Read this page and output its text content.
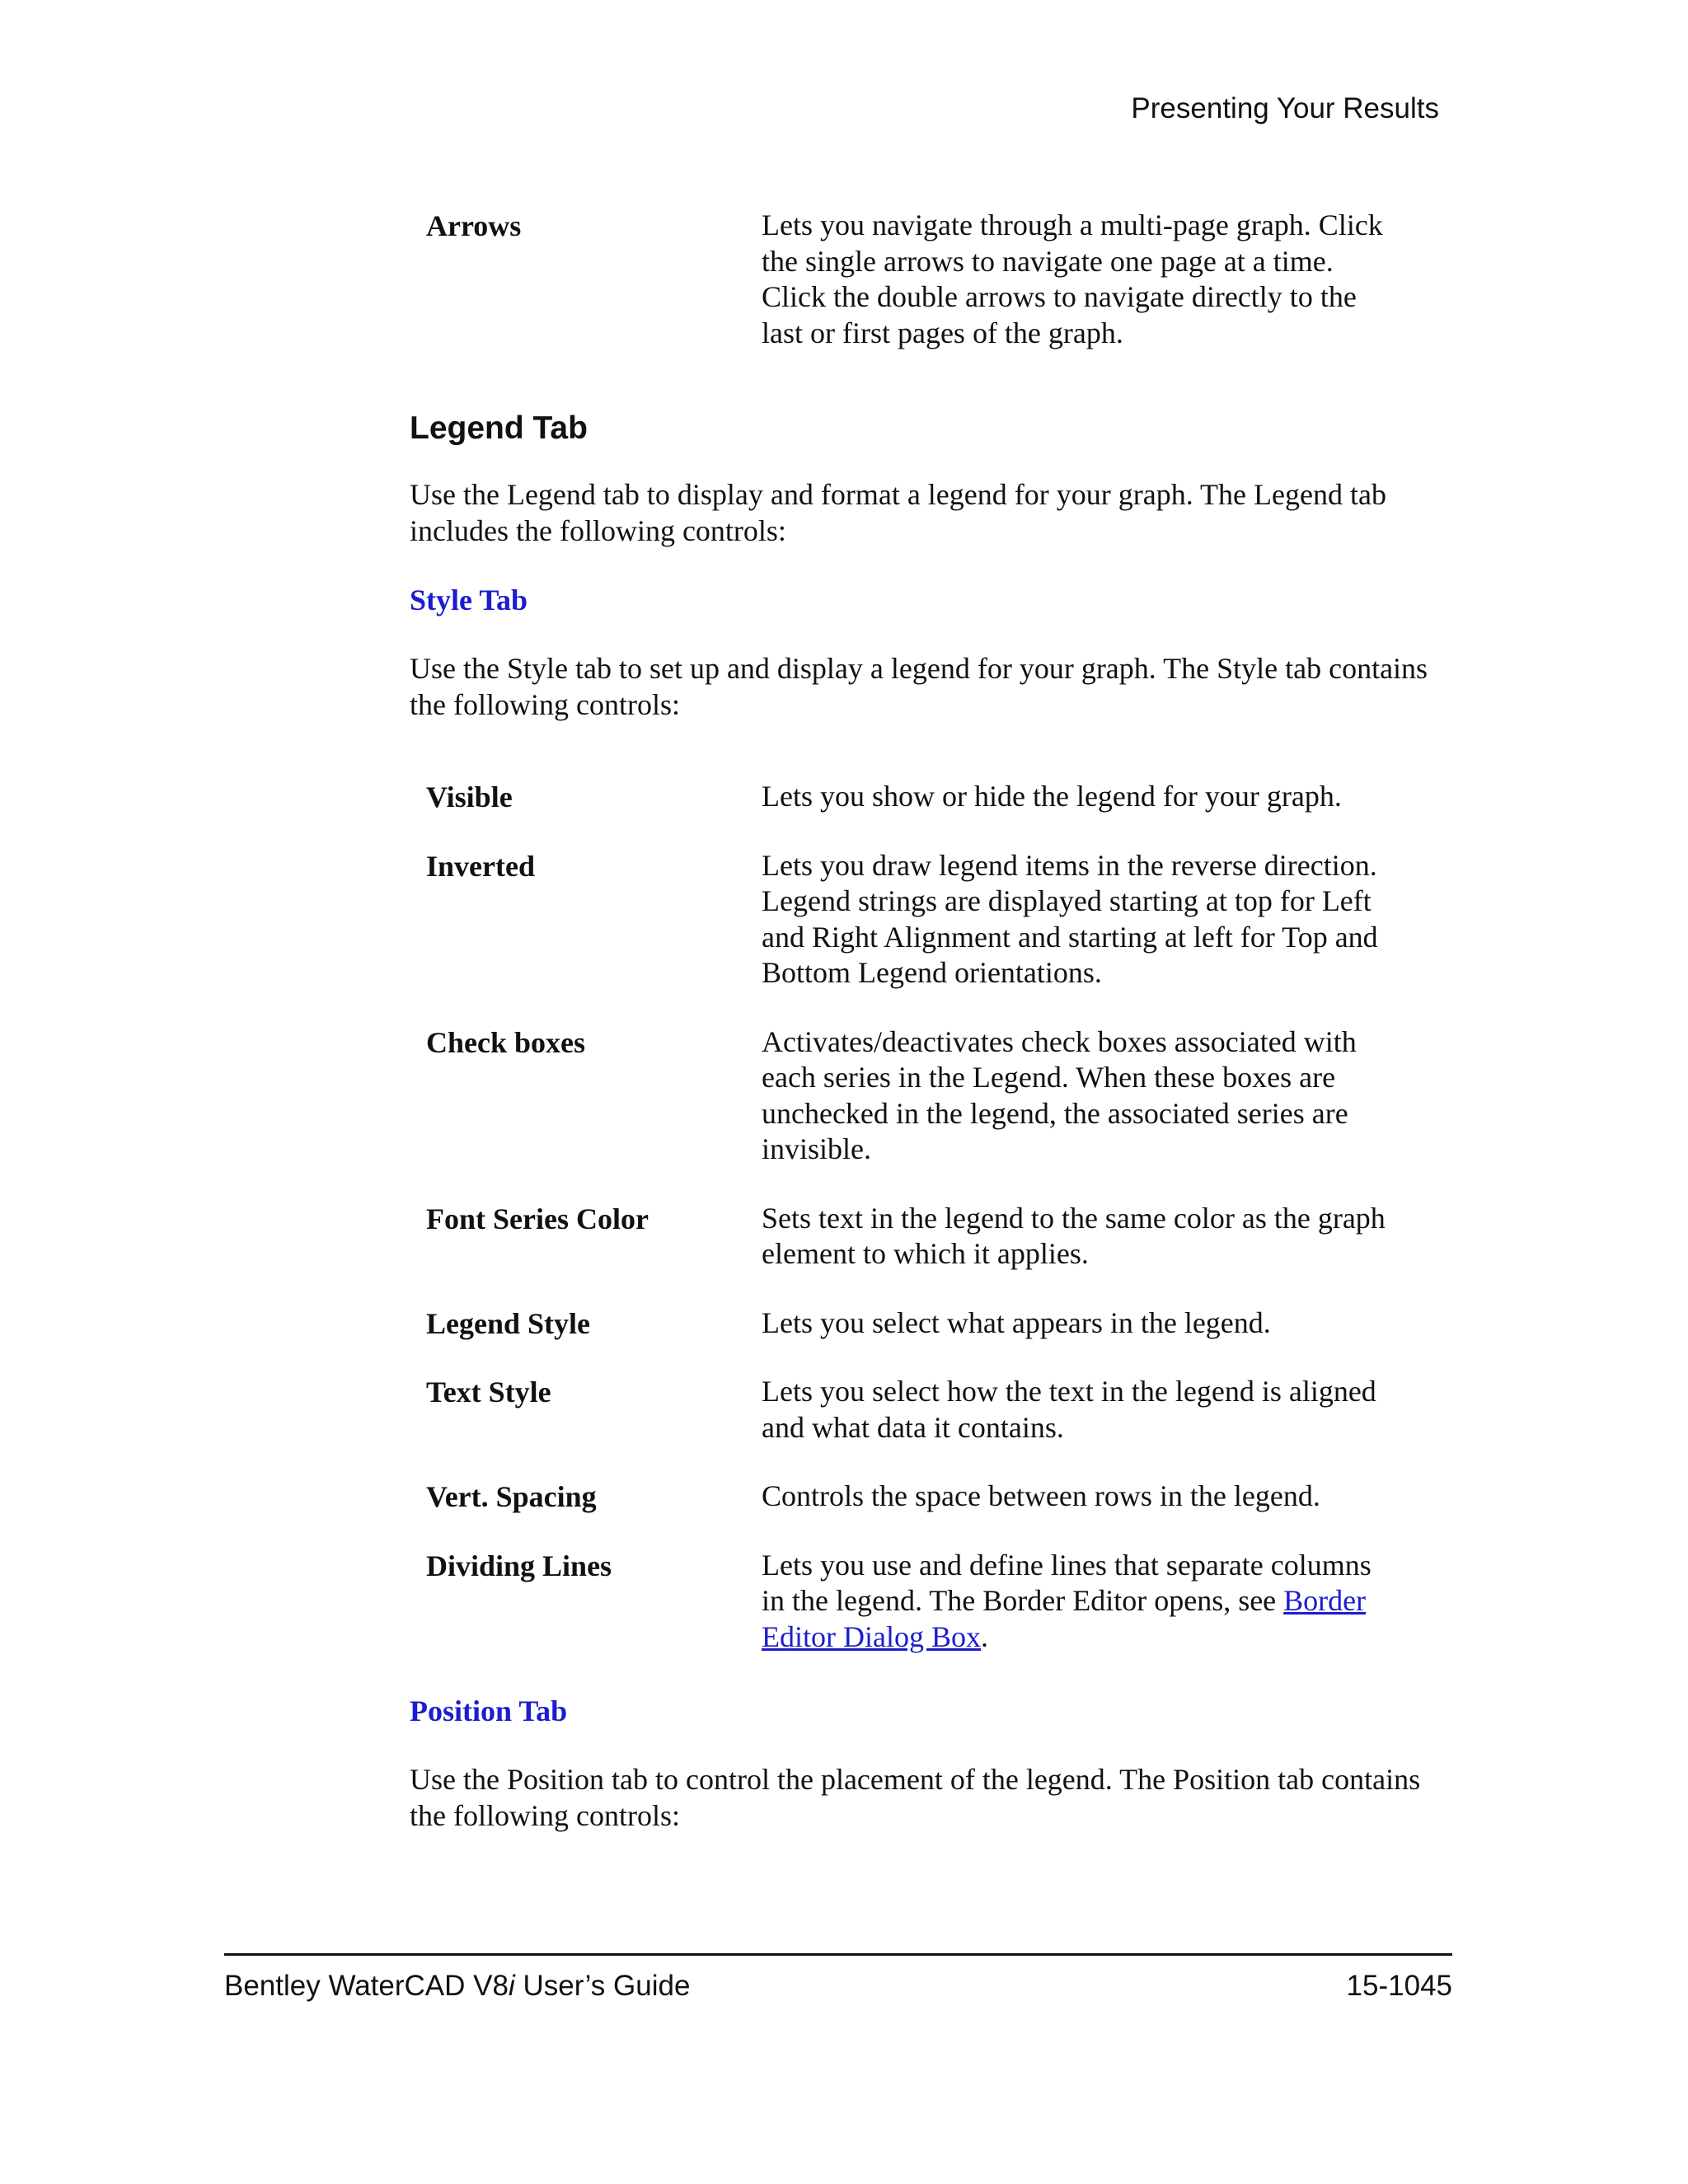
Presenting Your Results
Arrows	Lets you navigate through a multi-page graph. Click the single arrows to navigate one page at a time. Click the double arrows to navigate directly to the last or first pages of the graph.
Legend Tab

Use the Legend tab to display and format a legend for your graph. The Legend tab includes the following controls:

Style Tab

Use the Style tab to set up and display a legend for your graph. The Style tab contains the following controls:

Visible	Lets you show or hide the legend for your graph.
Inverted	Lets you draw legend items in the reverse direction. Legend strings are displayed starting at top for Left and Right Alignment and starting at left for Top and Bottom Legend orientations.
Check boxes	Activates/deactivates check boxes associated with each series in the Legend. When these boxes are unchecked in the legend, the associated series are invisible.
Font Series Color	Sets text in the legend to the same color as the graph element to which it applies.
Legend Style	Lets you select what appears in the legend.
Text Style	Lets you select how the text in the legend is aligned and what data it contains.
Vert. Spacing	Controls the space between rows in the legend.
Dividing Lines	Lets you use and define lines that separate columns in the legend. The Border Editor opens, see Border Editor Dialog Box.
Position Tab

Use the Position tab to control the placement of the legend. The Position tab contains the following controls:

Bentley WaterCAD V8i User’s Guide	15-1045
